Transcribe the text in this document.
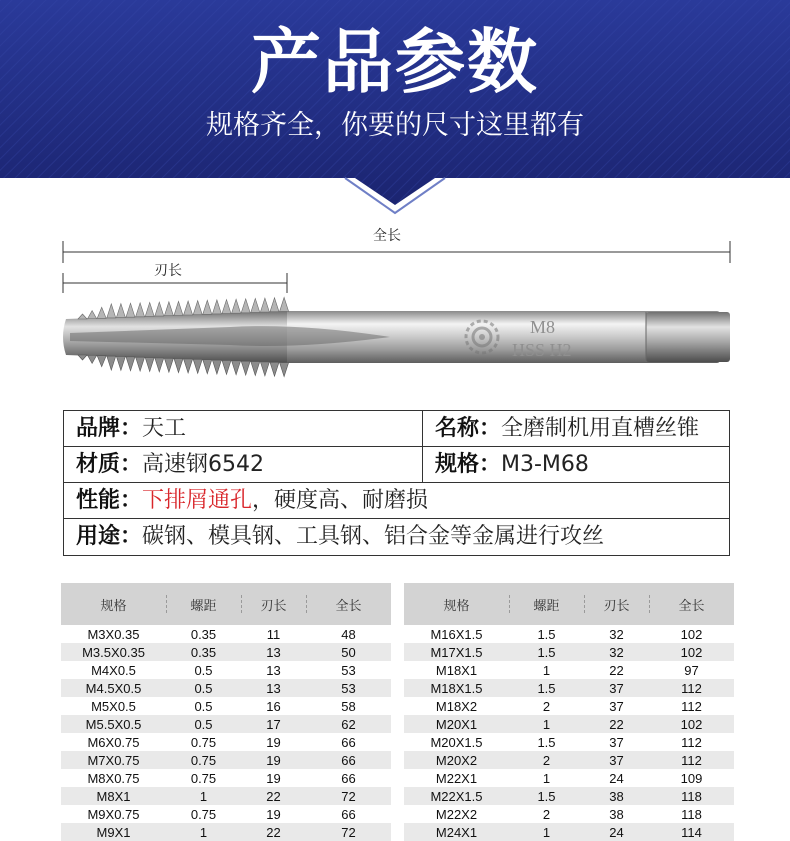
产品参数
规格齐全，你要的尺寸这里都有
全长
刃长
M8
HSS H2
品牌：天工	名称：全磨制机用直槽丝锥
材质：高速钢6542	规格：M3-M68
性能：下排屑通孔，硬度高、耐磨损
用途：碳钢、模具钢、工具钢、铝合金等金属进行攻丝
规格	螺距	刃长	全长
M3X0.35	0.35	11	48
M3.5X0.35	0.35	13	50
M4X0.5	0.5	13	53
M4.5X0.5	0.5	13	53
M5X0.5	0.5	16	58
M5.5X0.5	0.5	17	62
M6X0.75	0.75	19	66
M7X0.75	0.75	19	66
M8X0.75	0.75	19	66
M8X1	1	22	72
M9X0.75	0.75	19	66
M9X1	1	22	72
规格	螺距	刃长	全长
M16X1.5	1.5	32	102
M17X1.5	1.5	32	102
M18X1	1	22	97
M18X1.5	1.5	37	112
M18X2	2	37	112
M20X1	1	22	102
M20X1.5	1.5	37	112
M20X2	2	37	112
M22X1	1	24	109
M22X1.5	1.5	38	118
M22X2	2	38	118
M24X1	1	24	114
